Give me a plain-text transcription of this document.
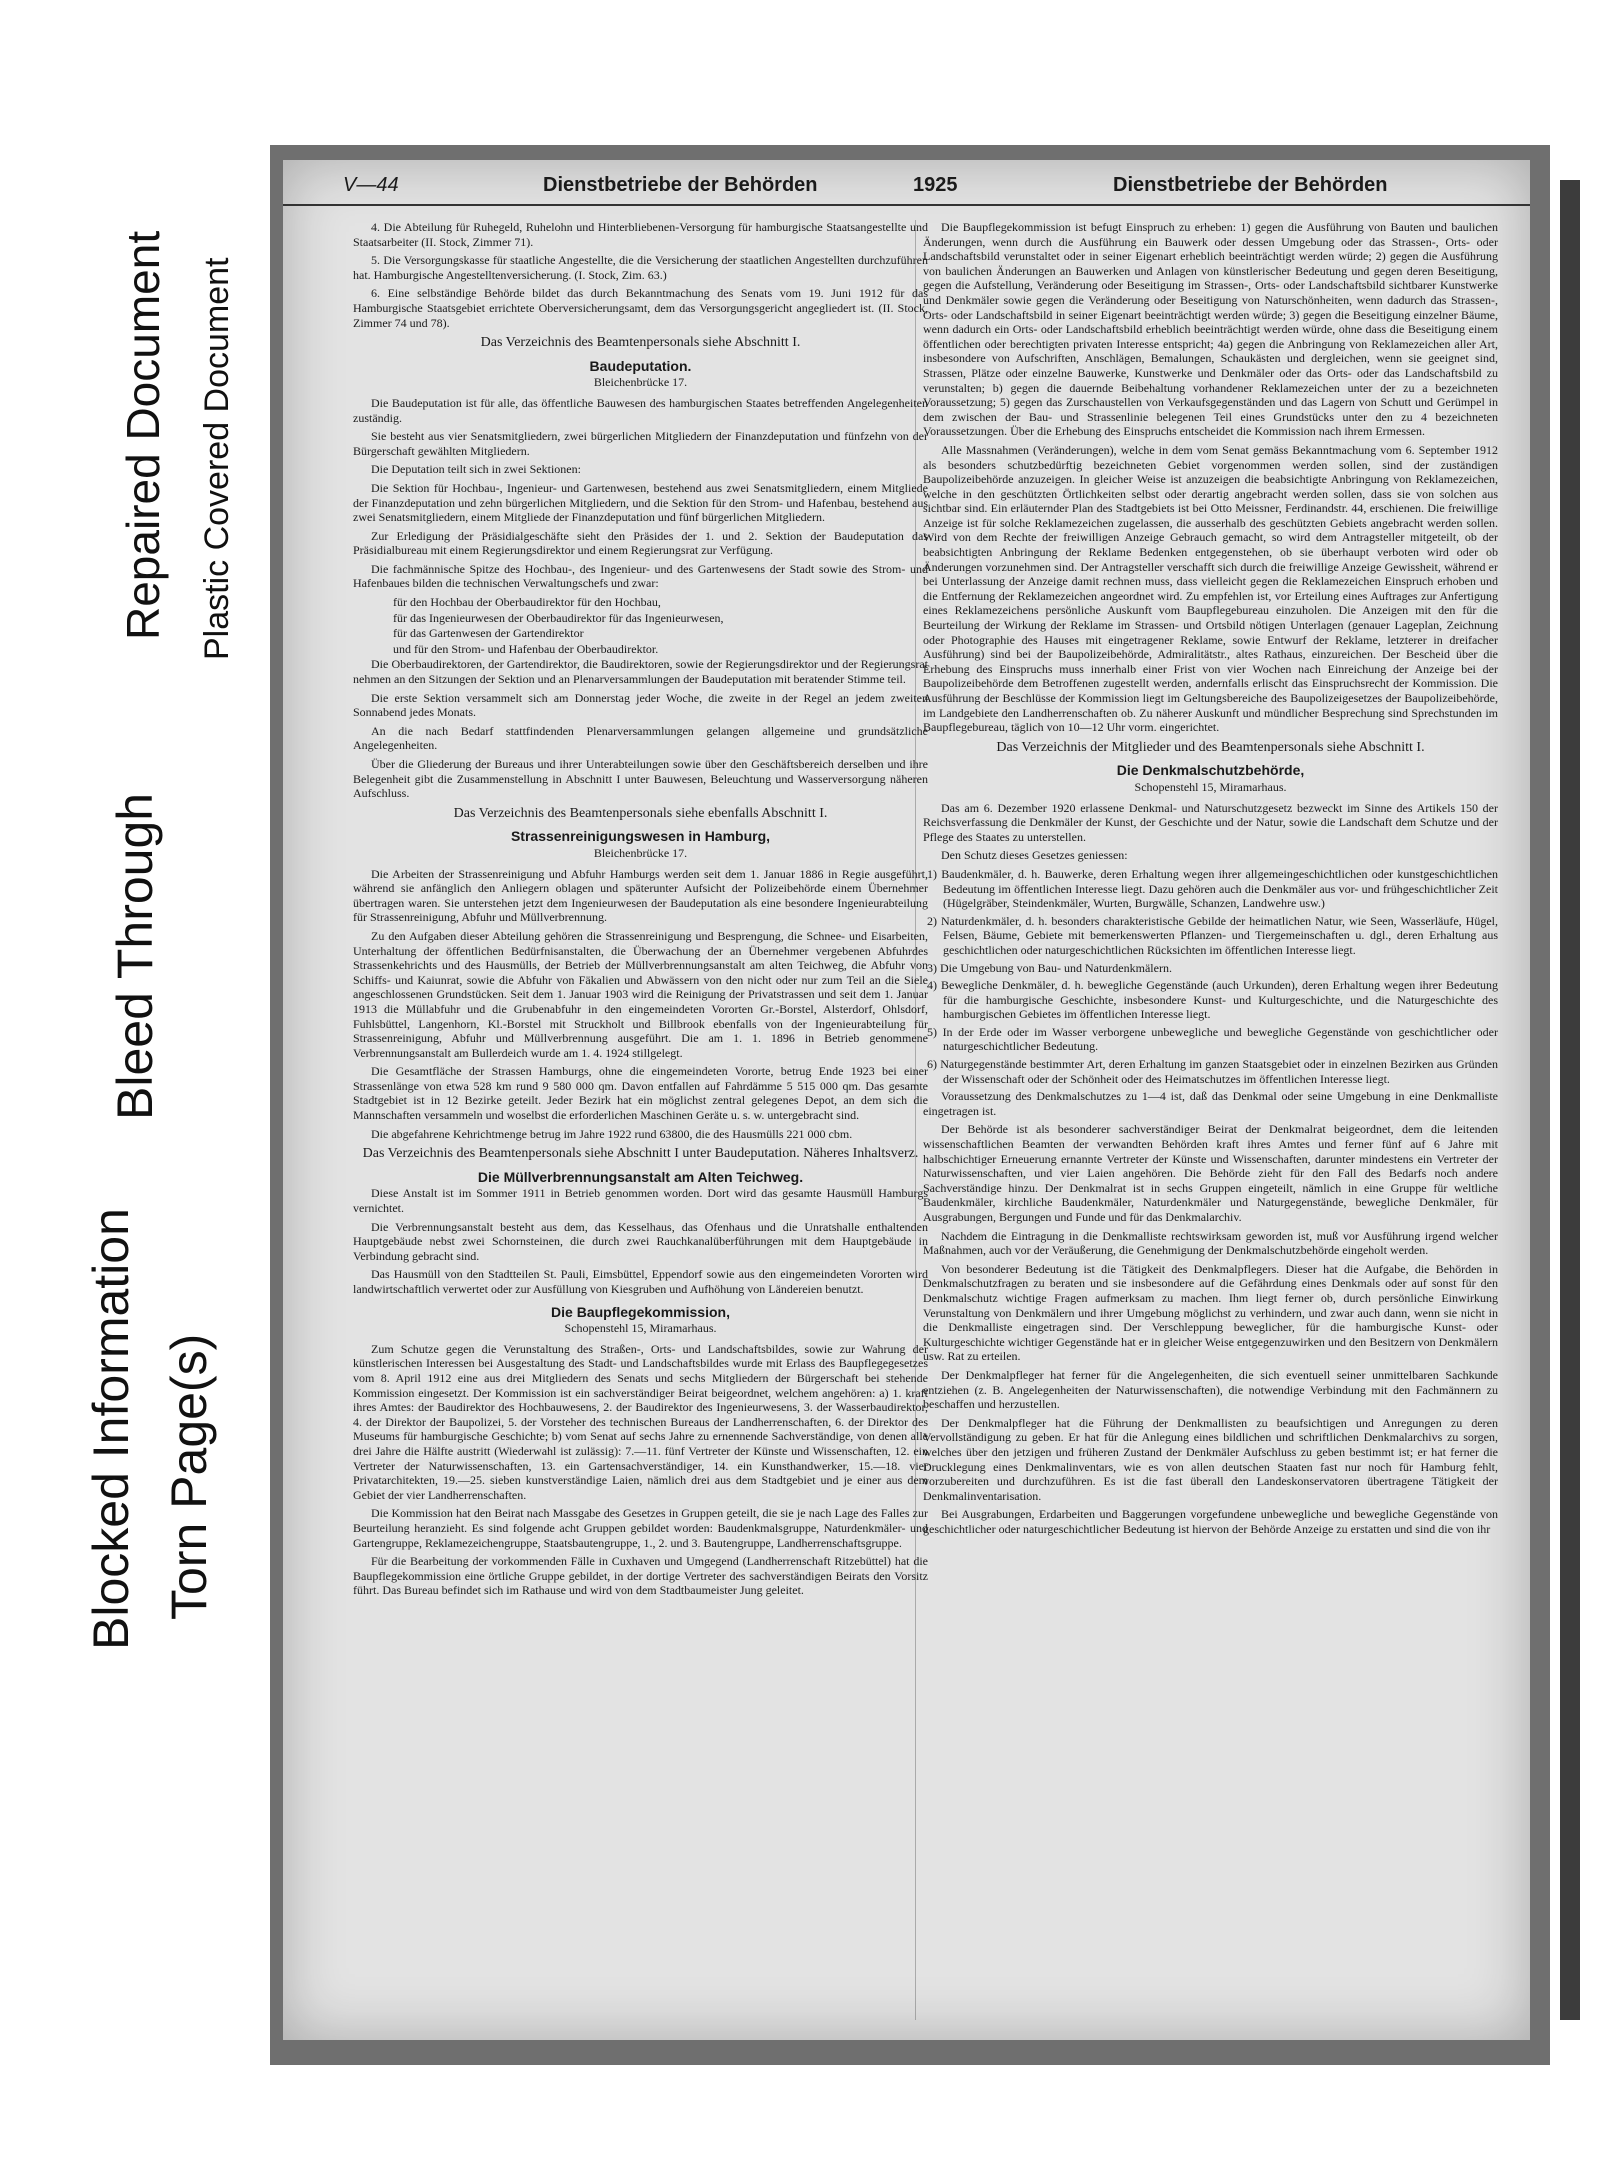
Blocked Information Torn Page(s)
Bleed Through
Repaired Document Plastic Covered Document
V—44	Dienstbetriebe der Behörden	1925	Dienstbetriebe der Behörden

4. Die Abteilung für Ruhegeld, Ruhelohn und Hinterbliebenen-Versorgung für hamburgische Staatsangestellte und Staatsarbeiter (II. Stock, Zimmer 71).

5. Die Versorgungskasse für staatliche Angestellte, die die Versicherung der staatlichen Angestellten durchzuführen hat. Hamburgische Angestelltenversicherung. (I. Stock, Zim. 63.)

6. Eine selbständige Behörde bildet das durch Bekanntmachung des Senats vom 19. Juni 1912 für das Hamburgische Staatsgebiet errichtete Oberversicherungsamt, dem das Versorgungsgericht angegliedert ist. (II. Stock, Zimmer 74 und 78).

Das Verzeichnis des Beamtenpersonals siehe Abschnitt I.

Baudeputation.

Bleichenbrücke 17.

Die Baudeputation ist für alle, das öffentliche Bauwesen des hamburgischen Staates betreffenden Angelegenheiten zuständig.

Sie besteht aus vier Senatsmitgliedern, zwei bürgerlichen Mitgliedern der Finanzdeputation und fünfzehn von der Bürgerschaft gewählten Mitgliedern.

Die Deputation teilt sich in zwei Sektionen:

Die Sektion für Hochbau-, Ingenieur- und Gartenwesen, bestehend aus zwei Senatsmitgliedern, einem Mitgliede der Finanzdeputation und zehn bürgerlichen Mitgliedern, und die Sektion für den Strom- und Hafenbau, bestehend aus zwei Senatsmitgliedern, einem Mitgliede der Finanzdeputation und fünf bürgerlichen Mitgliedern.

Zur Erledigung der Präsidialgeschäfte sieht den Präsides der 1. und 2. Sektion der Baudeputation das Präsidialbureau mit einem Regierungsdirektor und einem Regierungsrat zur Verfügung.

Die fachmännische Spitze des Hochbau-, des Ingenieur- und des Gartenwesens der Stadt sowie des Strom- und Hafenbaues bilden die technischen Verwaltungschefs und zwar:

für den Hochbau der Oberbaudirektor für den Hochbau,

für das Ingenieurwesen der Oberbaudirektor für das Ingenieurwesen,

für das Gartenwesen der Gartendirektor

und für den Strom- und Hafenbau der Oberbaudirektor.

Die Oberbaudirektoren, der Gartendirektor, die Baudirektoren, sowie der Regierungsdirektor und der Regierungsrat nehmen an den Sitzungen der Sektion und an Plenarversammlungen der Baudeputation mit beratender Stimme teil.

Die erste Sektion versammelt sich am Donnerstag jeder Woche, die zweite in der Regel an jedem zweiten Sonnabend jedes Monats.

An die nach Bedarf stattfindenden Plenarversammlungen gelangen allgemeine und grundsätzliche Angelegenheiten.

Über die Gliederung der Bureaus und ihrer Unterabteilungen sowie über den Geschäftsbereich derselben und ihre Belegenheit gibt die Zusammenstellung in Abschnitt I unter Bauwesen, Beleuchtung und Wasserversorgung näheren Aufschluss.

Das Verzeichnis des Beamtenpersonals siehe ebenfalls Abschnitt I.

Strassenreinigungswesen in Hamburg,

Bleichenbrücke 17.

Die Arbeiten der Strassenreinigung und Abfuhr Hamburgs werden seit dem 1. Januar 1886 in Regie ausgeführt, während sie anfänglich den Anliegern oblagen und späterunter Aufsicht der Polizeibehörde einem Übernehmer übertragen waren. Sie unterstehen jetzt dem Ingenieurwesen der Baudeputation als eine besondere Ingenieurabteilung für Strassenreinigung, Abfuhr und Müllverbrennung.

Zu den Aufgaben dieser Abteilung gehören die Strassenreinigung und Besprengung, die Schnee- und Eisarbeiten, Unterhaltung der öffentlichen Bedürfnisanstalten, die Überwachung der an Übernehmer vergebenen Abfuhrdes Strassenkehrichts und des Hausmülls, der Betrieb der Müllverbrennungsanstalt am alten Teichweg, die Abfuhr von Schiffs- und Kaiunrat, sowie die Abfuhr von Fäkalien und Abwässern von den nicht oder nur zum Teil an die Siele angeschlossenen Grundstücken. Seit dem 1. Januar 1903 wird die Reinigung der Privatstrassen und seit dem 1. Januar 1913 die Müllabfuhr und die Grubenabfuhr in den eingemeindeten Vororten Gr.-Borstel, Alsterdorf, Ohlsdorf, Fuhlsbüttel, Langenhorn, Kl.-Borstel mit Struckholt und Billbrook ebenfalls von der Ingenieurabteilung für Strassenreinigung, Abfuhr und Müllverbrennung ausgeführt. Die am 1. 1. 1896 in Betrieb genommene Verbrennungsanstalt am Bullerdeich wurde am 1. 4. 1924 stillgelegt.

Die Gesamtfläche der Strassen Hamburgs, ohne die eingemeindeten Vororte, betrug Ende 1923 bei einer Strassenlänge von etwa 528 km rund 9 580 000 qm. Davon entfallen auf Fahrdämme 5 515 000 qm. Das gesamte Stadtgebiet ist in 12 Bezirke geteilt. Jeder Bezirk hat ein möglichst zentral gelegenes Depot, an dem sich die Mannschaften versammeln und woselbst die erforderlichen Maschinen Geräte u. s. w. untergebracht sind.

Die abgefahrene Kehrichtmenge betrug im Jahre 1922 rund 63800, die des Hausmülls 221 000 cbm.

Das Verzeichnis des Beamtenpersonals siehe Abschnitt I unter Baudeputation. Näheres Inhaltsverz.

Die Müllverbrennungsanstalt am Alten Teichweg.

Diese Anstalt ist im Sommer 1911 in Betrieb genommen worden. Dort wird das gesamte Hausmüll Hamburgs vernichtet.

Die Verbrennungsanstalt besteht aus dem, das Kesselhaus, das Ofenhaus und die Unratshalle enthaltenden Hauptgebäude nebst zwei Schornsteinen, die durch zwei Rauchkanalüberführungen mit dem Hauptgebäude in Verbindung gebracht sind.

Das Hausmüll von den Stadtteilen St. Pauli, Eimsbüttel, Eppendorf sowie aus den eingemeindeten Vororten wird landwirtschaftlich verwertet oder zur Ausfüllung von Kiesgruben und Aufhöhung von Ländereien benutzt.

Die Baupflegekommission,

Schopenstehl 15, Miramarhaus.

Zum Schutze gegen die Verunstaltung des Straßen-, Orts- und Landschaftsbildes, sowie zur Wahrung der künstlerischen Interessen bei Ausgestaltung des Stadt- und Landschaftsbildes wurde mit Erlass des Baupflegegesetzes vom 8. April 1912 eine aus drei Mitgliedern des Senats und sechs Mitgliedern der Bürgerschaft bei stehende Kommission eingesetzt. Der Kommission ist ein sachverständiger Beirat beigeordnet, welchem angehören: a) 1. kraft ihres Amtes: der Baudirektor des Hochbauwesens, 2. der Baudirektor des Ingenieurwesens, 3. der Wasserbaudirektor, 4. der Direktor der Baupolizei, 5. der Vorsteher des technischen Bureaus der Landherrenschaften, 6. der Direktor des Museums für hamburgische Geschichte; b) vom Senat auf sechs Jahre zu ernennende Sachverständige, von denen alle drei Jahre die Hälfte austritt (Wiederwahl ist zulässig): 7.—11. fünf Vertreter der Künste und Wissenschaften, 12. ein Vertreter der Naturwissenschaften, 13. ein Gartensachverständiger, 14. ein Kunsthandwerker, 15.—18. vier Privatarchitekten, 19.—25. sieben kunstverständige Laien, nämlich drei aus dem Stadtgebiet und je einer aus dem Gebiet der vier Landherrenschaften.

Die Kommission hat den Beirat nach Massgabe des Gesetzes in Gruppen geteilt, die sie je nach Lage des Falles zur Beurteilung heranzieht. Es sind folgende acht Gruppen gebildet worden: Baudenkmalsgruppe, Naturdenkmäler- und Gartengruppe, Reklamezeichengruppe, Staatsbautengruppe, 1., 2. und 3. Bautengruppe, Landherrenschaftsgruppe.

Für die Bearbeitung der vorkommenden Fälle in Cuxhaven und Umgegend (Landherrenschaft Ritzebüttel) hat die Baupflegekommission eine örtliche Gruppe gebildet, in der dortige Vertreter des sachverständigen Beirats den Vorsitz führt. Das Bureau befindet sich im Rathause und wird von dem Stadtbaumeister Jung geleitet.

Die Baupflegekommission ist befugt Einspruch zu erheben: 1) gegen die Ausführung von Bauten und baulichen Änderungen, wenn durch die Ausführung ein Bauwerk oder dessen Umgebung oder das Strassen-, Orts- oder Landschaftsbild verunstaltet oder in seiner Eigenart erheblich beeinträchtigt werden würde; 2) gegen die Ausführung von baulichen Änderungen an Bauwerken und Anlagen von künstlerischer Bedeutung und gegen deren Beseitigung, gegen die Aufstellung, Veränderung oder Beseitigung im Strassen-, Orts- oder Landschaftsbild sichtbarer Kunstwerke und Denkmäler sowie gegen die Veränderung oder Beseitigung von Naturschönheiten, wenn dadurch das Strassen-, Orts- oder Landschaftsbild in seiner Eigenart beeinträchtigt werden würde; 3) gegen die Beseitigung einzelner Bäume, wenn dadurch ein Orts- oder Landschaftsbild erheblich beeinträchtigt werden würde, ohne dass die Beseitigung einem öffentlichen oder berechtigten privaten Interesse entspricht; 4a) gegen die Anbringung von Reklamezeichen aller Art, insbesondere von Aufschriften, Anschlägen, Bemalungen, Schaukästen und dergleichen, wenn sie geeignet sind, Strassen, Plätze oder einzelne Bauwerke, Kunstwerke und Denkmäler oder das Orts- oder das Landschaftsbild zu verunstalten; b) gegen die dauernde Beibehaltung vorhandener Reklamezeichen unter der zu a bezeichneten Voraussetzung; 5) gegen das Zurschaustellen von Verkaufsgegenständen und das Lagern von Schutt und Gerümpel in dem zwischen der Bau- und Strassenlinie belegenen Teil eines Grundstücks unter den zu 4 bezeichneten Voraussetzungen. Über die Erhebung des Einspruchs entscheidet die Kommission nach ihrem Ermessen.

Alle Massnahmen (Veränderungen), welche in dem vom Senat gemäss Bekanntmachung vom 6. September 1912 als besonders schutzbedürftig bezeichneten Gebiet vorgenommen werden sollen, sind der zuständigen Baupolizeibehörde anzuzeigen. In gleicher Weise ist anzuzeigen die beabsichtigte Anbringung von Reklamezeichen, welche in den geschützten Örtlichkeiten selbst oder derartig angebracht werden sollen, dass sie von solchen aus sichtbar sind. Ein erläuternder Plan des Stadtgebiets ist bei Otto Meissner, Ferdinandstr. 44, erschienen. Die freiwillige Anzeige ist für solche Reklamezeichen zugelassen, die ausserhalb des geschützten Gebiets angebracht werden sollen. Wird von dem Rechte der freiwilligen Anzeige Gebrauch gemacht, so wird dem Antragsteller mitgeteilt, ob der beabsichtigten Anbringung der Reklame Bedenken entgegenstehen, ob sie überhaupt verboten wird oder ob Änderungen vorzunehmen sind. Der Antragsteller verschafft sich durch die freiwillige Anzeige Gewissheit, während er bei Unterlassung der Anzeige damit rechnen muss, dass vielleicht gegen die Reklamezeichen Einspruch erhoben und die Entfernung der Reklamezeichen angeordnet wird. Zu empfehlen ist, vor Erteilung eines Auftrages zur Anfertigung eines Reklamezeichens persönliche Auskunft vom Baupflegebureau einzuholen. Die Anzeigen mit den für die Beurteilung der Wirkung der Reklame im Strassen- und Ortsbild nötigen Unterlagen (genauer Lageplan, Zeichnung oder Photographie des Hauses mit eingetragener Reklame, sowie Entwurf der Reklame, letzterer in dreifacher Ausführung) sind bei der Baupolizeibehörde, Admiralitätstr., altes Rathaus, einzureichen. Der Bescheid über die Erhebung des Einspruchs muss innerhalb einer Frist von vier Wochen nach Einreichung der Anzeige bei der Baupolizeibehörde dem Betroffenen zugestellt werden, andernfalls erlischt das Einspruchsrecht der Kommission. Die Ausführung der Beschlüsse der Kommission liegt im Geltungsbereiche des Baupolizeigesetzes der Baupolizeibehörde, im Landgebiete den Landherrenschaften ob. Zu näherer Auskunft und mündlicher Besprechung sind Sprechstunden im Baupflegebureau, täglich von 10—12 Uhr vorm. eingerichtet.

Das Verzeichnis der Mitglieder und des Beamtenpersonals siehe Abschnitt I.

Die Denkmalschutzbehörde,

Schopenstehl 15, Miramarhaus.

Das am 6. Dezember 1920 erlassene Denkmal- und Naturschutzgesetz bezweckt im Sinne des Artikels 150 der Reichsverfassung die Denkmäler der Kunst, der Geschichte und der Natur, sowie die Landschaft dem Schutze und der Pflege des Staates zu unterstellen.

Den Schutz dieses Gesetzes geniessen:

1) Baudenkmäler, d. h. Bauwerke, deren Erhaltung wegen ihrer allgemeingeschichtlichen oder kunstgeschichtlichen Bedeutung im öffentlichen Interesse liegt. Dazu gehören auch die Denkmäler aus vor- und frühgeschichtlicher Zeit (Hügelgräber, Steindenkmäler, Wurten, Burgwälle, Schanzen, Landwehre usw.)

2) Naturdenkmäler, d. h. besonders charakteristische Gebilde der heimatlichen Natur, wie Seen, Wasserläufe, Hügel, Felsen, Bäume, Gebiete mit bemerkenswerten Pflanzen- und Tiergemeinschaften u. dgl., deren Erhaltung aus geschichtlichen oder naturgeschichtlichen Rücksichten im öffentlichen Interesse liegt.

3) Die Umgebung von Bau- und Naturdenkmälern.

4) Bewegliche Denkmäler, d. h. bewegliche Gegenstände (auch Urkunden), deren Erhaltung wegen ihrer Bedeutung für die hamburgische Geschichte, insbesondere Kunst- und Kulturgeschichte, und die Naturgeschichte des hamburgischen Gebietes im öffentlichen Interesse liegt.

5) In der Erde oder im Wasser verborgene unbewegliche und bewegliche Gegenstände von geschichtlicher oder naturgeschichtlicher Bedeutung.

6) Naturgegenstände bestimmter Art, deren Erhaltung im ganzen Staatsgebiet oder in einzelnen Bezirken aus Gründen der Wissenschaft oder der Schönheit oder des Heimatschutzes im öffentlichen Interesse liegt.

Voraussetzung des Denkmalschutzes zu 1—4 ist, daß das Denkmal oder seine Umgebung in eine Denkmalliste eingetragen ist.

Der Behörde ist als besonderer sachverständiger Beirat der Denkmalrat beigeordnet, dem die leitenden wissenschaftlichen Beamten der verwandten Behörden kraft ihres Amtes und ferner fünf auf 6 Jahre mit halbschichtiger Erneuerung ernannte Vertreter der Künste und Wissenschaften, darunter mindestens ein Vertreter der Naturwissenschaften, und vier Laien angehören. Die Behörde zieht für den Fall des Bedarfs noch andere Sachverständige hinzu. Der Denkmalrat ist in sechs Gruppen eingeteilt, nämlich in eine Gruppe für weltliche Baudenkmäler, kirchliche Baudenkmäler, Naturdenkmäler und Naturgegenstände, bewegliche Denkmäler, für Ausgrabungen, Bergungen und Funde und für das Denkmalarchiv.

Nachdem die Eintragung in die Denkmalliste rechtswirksam geworden ist, muß vor Ausführung irgend welcher Maßnahmen, auch vor der Veräußerung, die Genehmigung der Denkmalschutzbehörde eingeholt werden.

Von besonderer Bedeutung ist die Tätigkeit des Denkmalpflegers. Dieser hat die Aufgabe, die Behörden in Denkmalschutzfragen zu beraten und sie insbesondere auf die Gefährdung eines Denkmals oder auf sonst für den Denkmalschutz wichtige Fragen aufmerksam zu machen. Ihm liegt ferner ob, durch persönliche Einwirkung Verunstaltung von Denkmälern und ihrer Umgebung möglichst zu verhindern, und zwar auch dann, wenn sie nicht in die Denkmalliste eingetragen sind. Der Verschleppung beweglicher, für die hamburgische Kunst- oder Kulturgeschichte wichtiger Gegenstände hat er in gleicher Weise entgegenzuwirken und den Besitzern von Denkmälern usw. Rat zu erteilen.

Der Denkmalpfleger hat ferner für die Angelegenheiten, die sich eventuell seiner unmittelbaren Sachkunde entziehen (z. B. Angelegenheiten der Naturwissenschaften), die notwendige Verbindung mit den Fachmännern zu beschaffen und herzustellen.

Der Denkmalpfleger hat die Führung der Denkmallisten zu beaufsichtigen und Anregungen zu deren Vervollständigung zu geben. Er hat für die Anlegung eines bildlichen und schriftlichen Denkmalarchivs zu sorgen, welches über den jetzigen und früheren Zustand der Denkmäler Aufschluss zu geben bestimmt ist; er hat ferner die Drucklegung eines Denkmalinventars, wie es von allen deutschen Staaten fast nur noch für Hamburg fehlt, vorzubereiten und durchzuführen. Es ist die fast überall den Landeskonservatoren übertragene Tätigkeit der Denkmalinventarisation.

Bei Ausgrabungen, Erdarbeiten und Baggerungen vorgefundene unbewegliche und bewegliche Gegenstände von geschichtlicher oder naturgeschichtlicher Bedeutung ist hiervon der Behörde Anzeige zu erstatten und sind die von ihr
